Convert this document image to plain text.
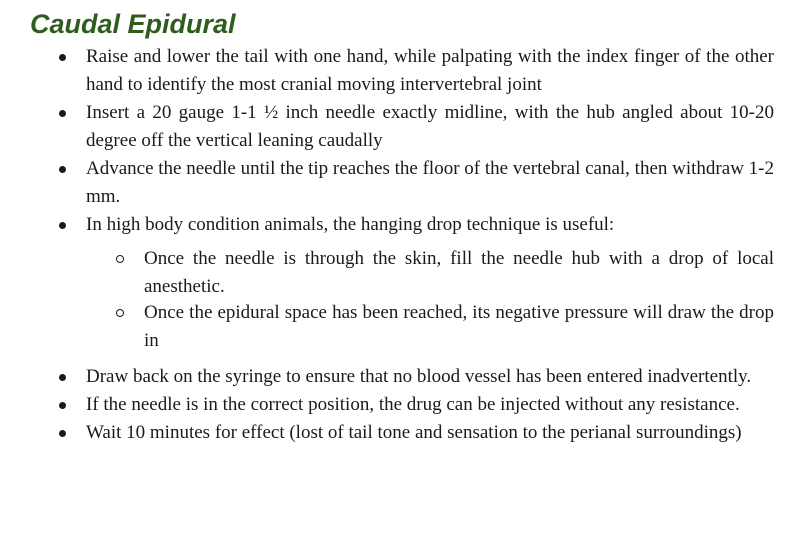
Caudal Epidural
Raise and lower the tail with one hand, while palpating with the index finger of the other hand to identify the most cranial moving intervertebral joint
Insert a 20 gauge 1-1 ½ inch needle exactly midline, with the hub angled about 10-20 degree off the vertical leaning caudally
Advance the needle until the tip reaches the floor of the vertebral canal, then withdraw 1-2 mm.
In high body condition animals, the hanging drop technique is useful:
Once the needle is through the skin, fill the needle hub with a drop of local anesthetic.
Once the epidural space has been reached, its negative pressure will draw the drop in
Draw back on the syringe to ensure that no blood vessel has been entered inadvertently.
If the needle is in the correct position, the drug can be injected without any resistance.
Wait 10 minutes for effect (lost of tail tone and sensation to the perianal surroundings)
